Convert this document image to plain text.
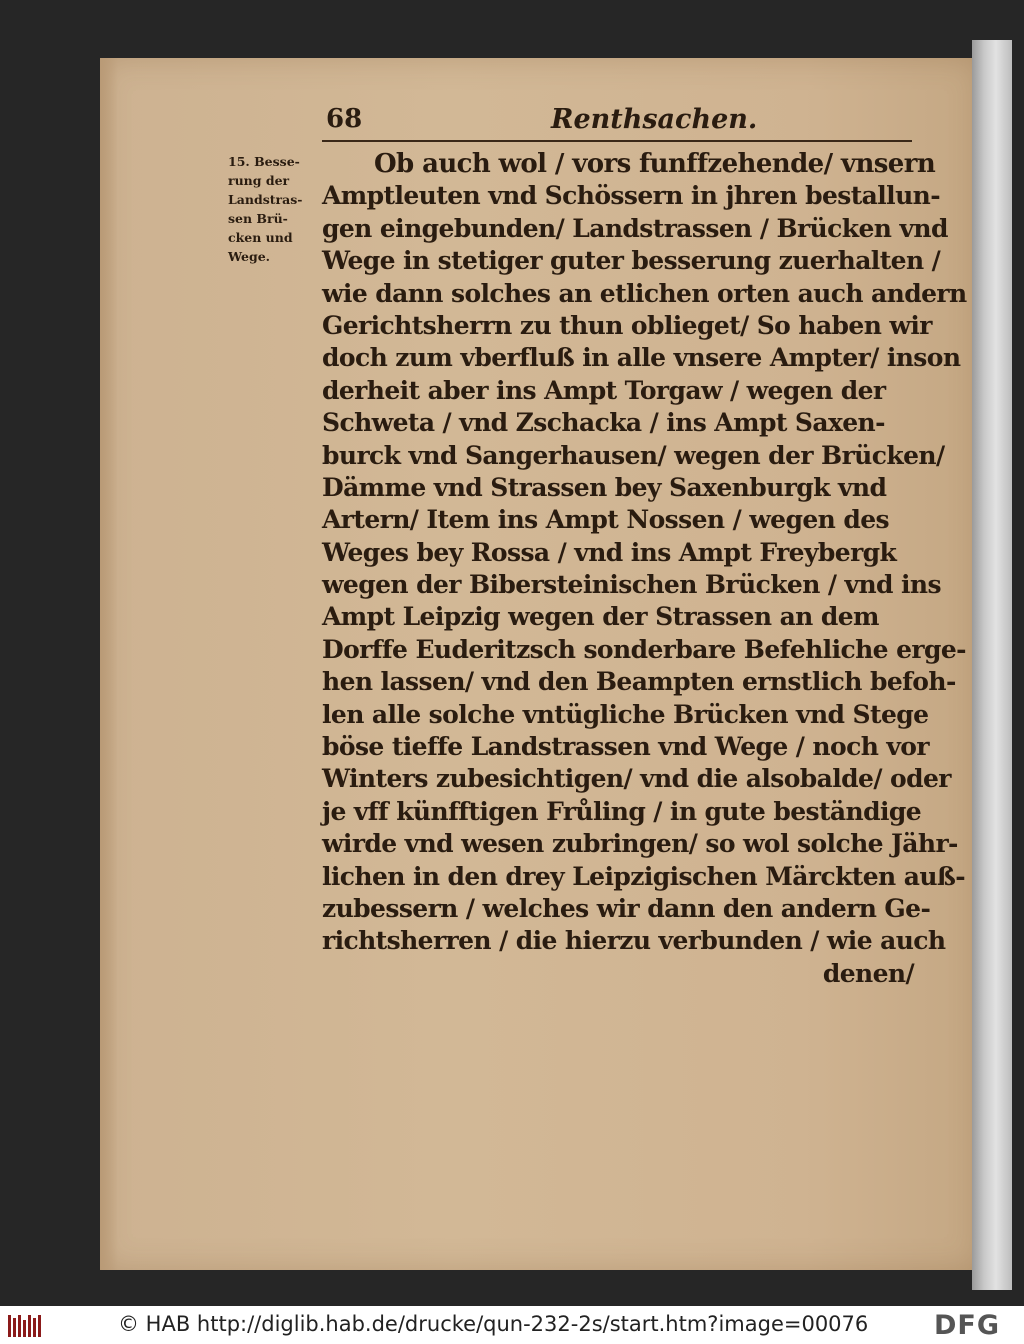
68	Renthsachen.
15. Besse-
rung der
Landstras-
sen Brü-
cken und
Wege.
Ob auch wol / vors funffzehende/ vnsern
Amptleuten vnd Schössern in jhren bestallun-
gen eingebunden/ Landstrassen / Brücken vnd
Wege in stetiger guter besserung zuerhalten /
wie dann solches an etlichen orten auch andern
Gerichtsherrn zu thun oblieget/ So haben wir
doch zum vberfluß in alle vnsere Ampter/ inson
derheit aber ins Ampt Torgaw / wegen der
Schweta / vnd Zschacka / ins Ampt Saxen-
burck vnd Sangerhausen/ wegen der Brücken/
Dämme vnd Strassen bey Saxenburgk vnd
Artern/ Item ins Ampt Nossen / wegen des
Weges bey Rossa / vnd ins Ampt Freybergk
wegen der Bibersteinischen Brücken / vnd ins
Ampt Leipzig wegen der Strassen an dem
Dorffe Euderitzsch sonderbare Befehliche erge-
hen lassen/ vnd den Beampten ernstlich befoh-
len alle solche vntügliche Brücken vnd Stege
böse tieffe Landstrassen vnd Wege / noch vor
Winters zubesichtigen/ vnd die alsobalde/ oder
je vff künfftigen Frůling / in gute beständige
wirde vnd wesen zubringen/ so wol solche Jähr-
lichen in den drey Leipzigischen Märckten auß-
zubessern / welches wir dann den andern Ge-
richtsherren / die hierzu verbunden / wie auch
denen/

© HAB http://diglib.hab.de/drucke/qun-232-2s/start.htm?image=00076 DFG
